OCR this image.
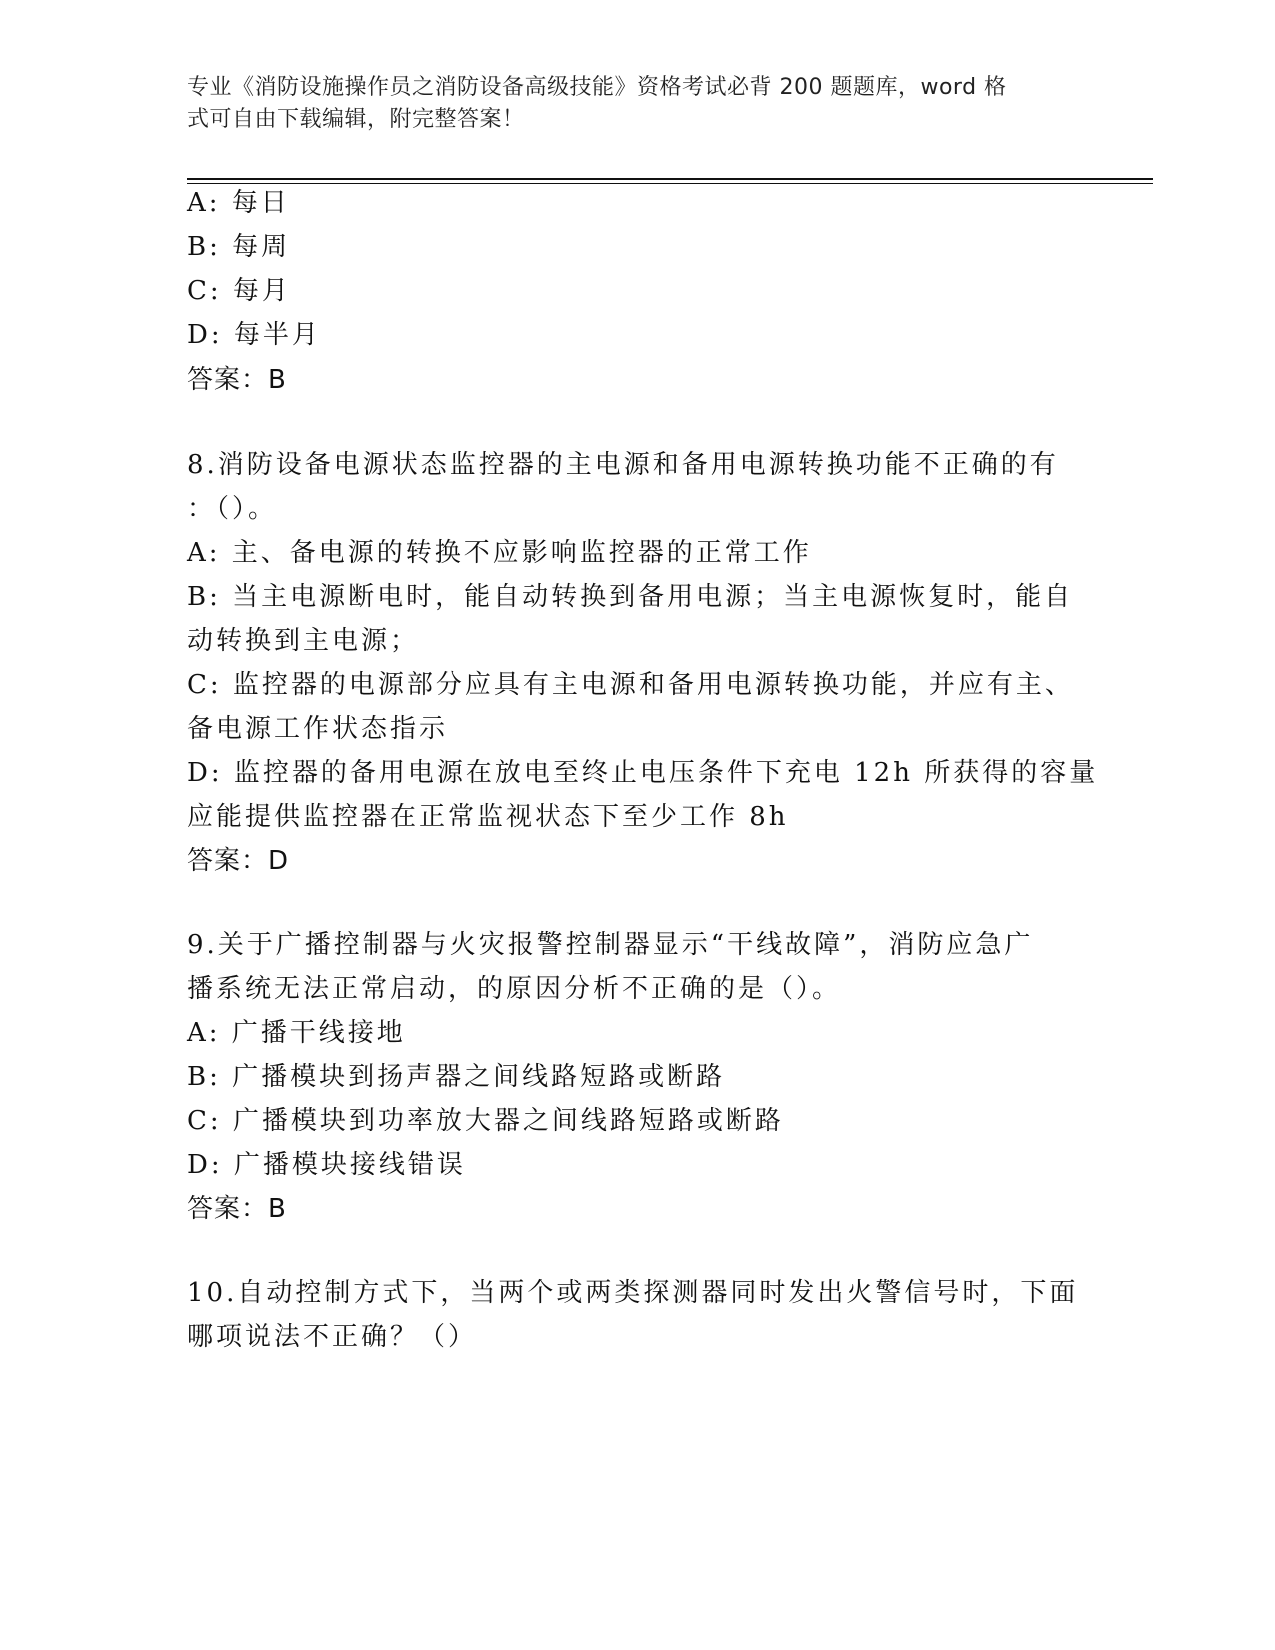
专业《消防设施操作员之消防设备高级技能》资格考试必背 200 题题库，word 格
式可自由下载编辑，附完整答案！
A: 每日
B: 每周
C: 每月
D: 每半月
答案：B
8.消防设备电源状态监控器的主电源和备用电源转换功能不正确的有
：（）。
A: 主、备电源的转换不应影响监控器的正常工作
B: 当主电源断电时，能自动转换到备用电源；当主电源恢复时，能自
动转换到主电源；
C: 监控器的电源部分应具有主电源和备用电源转换功能，并应有主、
备电源工作状态指示
D: 监控器的备用电源在放电至终止电压条件下充电 12h 所获得的容量
应能提供监控器在正常监视状态下至少工作 8h
答案：D
9.关于广播控制器与火灾报警控制器显示“干线故障”，消防应急广
播系统无法正常启动，的原因分析不正确的是（）。
A: 广播干线接地
B: 广播模块到扬声器之间线路短路或断路
C: 广播模块到功率放大器之间线路短路或断路
D: 广播模块接线错误
答案：B
10.自动控制方式下，当两个或两类探测器同时发出火警信号时，下面
哪项说法不正确？（）
